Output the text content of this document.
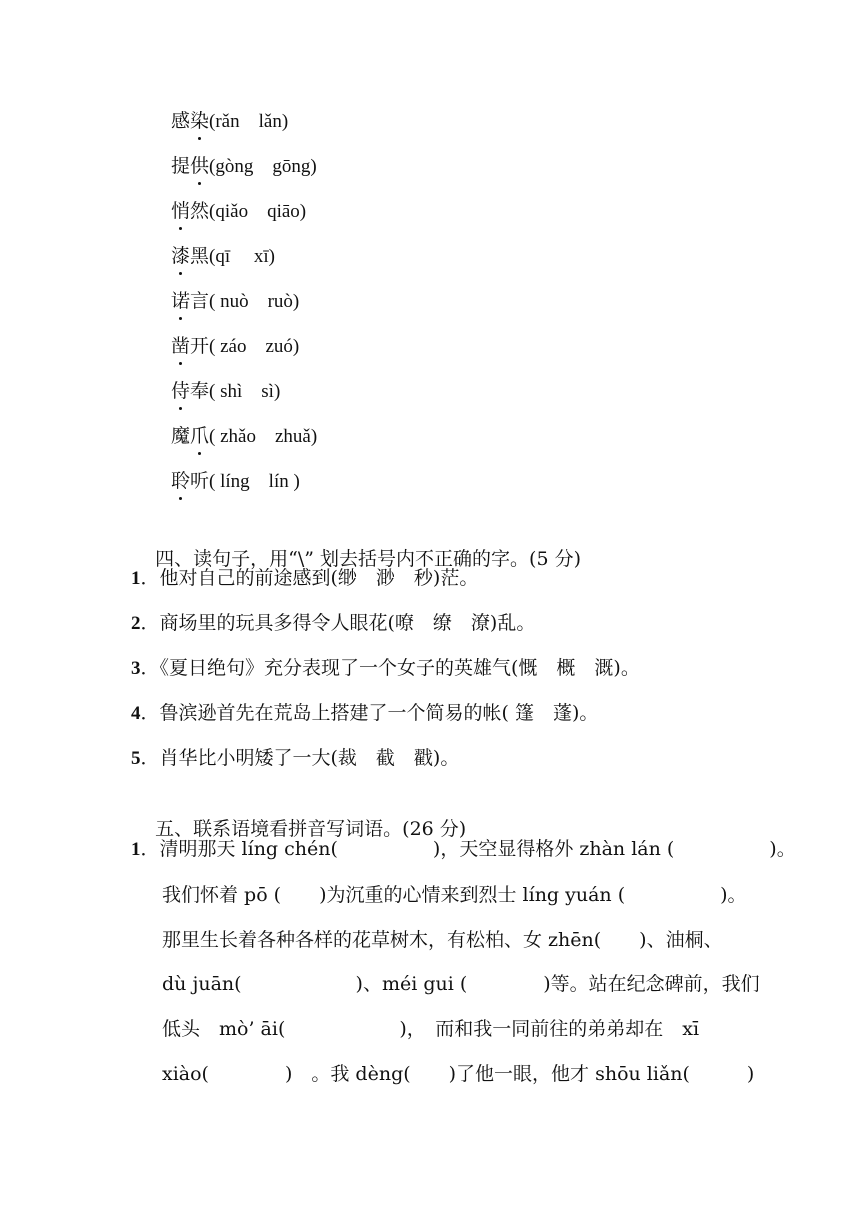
感染(rǎn　lǎn)

提供(gòng　gōng)

悄然(qiǎo　qiāo)

漆黑(qī　 xī)

诺言( nuò　ruò)

凿开( záo　zuó)

侍奉( shì　sì)

魔爪( zhǎo　zhuǎ)

聆听( líng　lín )

四、读句子，用“\” 划去括号内不正确的字。(5 分)

1．他对自己的前途感到(缈　渺　秒)茫。

2．商场里的玩具多得令人眼花(嘹　缭　潦)乱。

3．《夏日绝句》充分表现了一个女子的英雄气(慨　概　溉)。

4．鲁滨逊首先在荒岛上搭建了一个简易的帐( 篷　蓬)。

5．肖华比小明矮了一大(裁　截　戳)。

五、联系语境看拼音写词语。(26 分)

1．清明那天 líng chén(　　　　　)，天空显得格外 zhàn lán (　　　　　)。

我们怀着 pō (　　)为沉重的心情来到烈士 líng yuán (　　　　　)。

那里生长着各种各样的花草树木，有松柏、女 zhēn(　　)、油桐、

dù juān(　　　　　　)、méi gui (　　　　)等。站在纪念碑前，我们

低头　mò’ āi(　　　　　　)，　而和我一同前往的弟弟却在　xī

xiào(　　　　)　。我 dèng(　　)了他一眼，他才 shōu liǎn(　　　)
